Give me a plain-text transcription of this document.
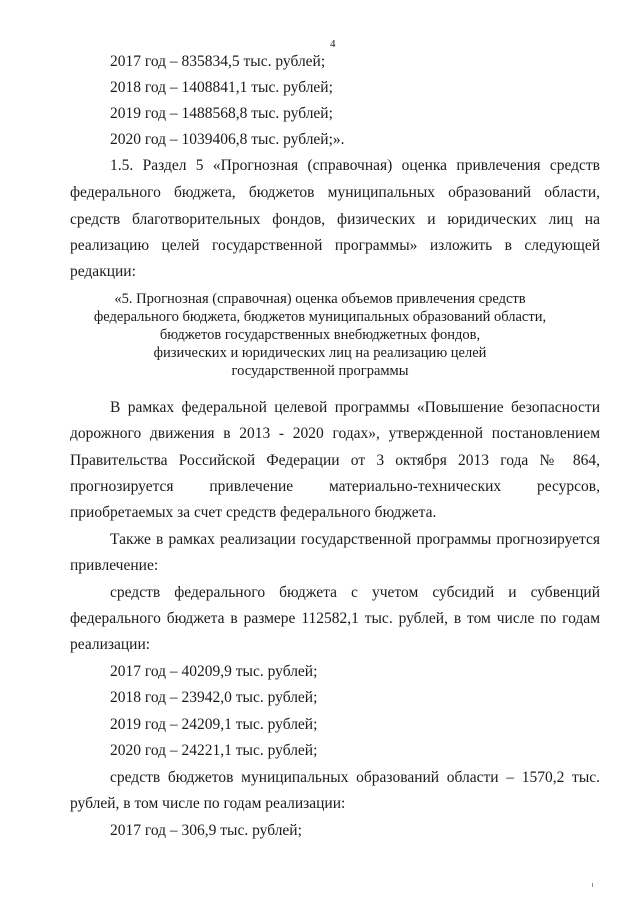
4
2017 год – 835834,5 тыс. рублей;
2018 год – 1408841,1 тыс. рублей;
2019 год – 1488568,8 тыс. рублей;
2020 год – 1039406,8 тыс. рублей;».
1.5. Раздел 5 «Прогнозная (справочная) оценка привлечения средств
федерального бюджета, бюджетов муниципальных образований области,
средств благотворительных фондов, физических и юридических лиц на
реализацию целей государственной программы» изложить в следующей
редакции:
«5. Прогнозная (справочная) оценка объемов привлечения средств
федерального бюджета, бюджетов муниципальных образований области,
бюджетов государственных внебюджетных фондов,
физических и юридических лиц на реализацию целей
государственной программы
В рамках федеральной целевой программы «Повышение безопасности
дорожного движения в 2013 - 2020 годах», утвержденной постановлением
Правительства Российской Федерации от 3 октября 2013 года № 864,
прогнозируется привлечение материально-технических ресурсов,
приобретаемых за счет средств федерального бюджета.
Также в рамках реализации государственной программы прогнозируется
привлечение:
средств федерального бюджета с учетом субсидий и субвенций
федерального бюджета в размере 112582,1 тыс. рублей, в том числе по годам
реализации:
2017 год – 40209,9 тыс. рублей;
2018 год – 23942,0 тыс. рублей;
2019 год – 24209,1 тыс. рублей;
2020 год – 24221,1 тыс. рублей;
средств бюджетов муниципальных образований области – 1570,2 тыс.
рублей, в том числе по годам реализации:
2017 год – 306,9 тыс. рублей;
